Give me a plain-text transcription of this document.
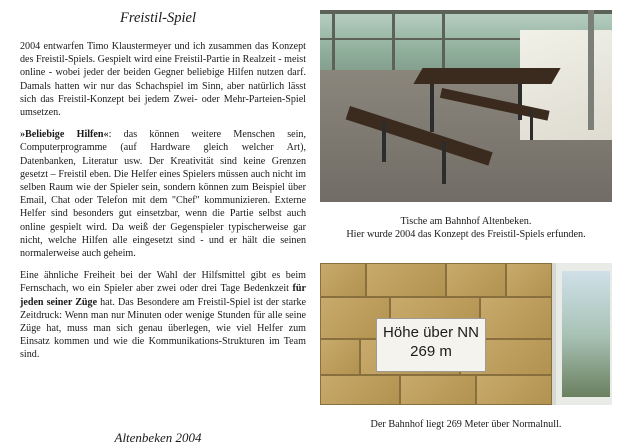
Freistil-Spiel

2004 entwarfen Timo Klaustermeyer und ich zusammen das Konzept des Freistil-Spiels. Gespielt wird eine Freistil-Partie in Realzeit - meist online - wobei jeder der beiden Gegner beliebige Hilfen nutzen darf. Damals hatten wir nur das Schachspiel im Sinn, aber natürlich lässt sich das Freistil-Konzept bei jedem Zwei- oder Mehr-Parteien-Spiel umsetzen.

»Beliebige Hilfen«: das können weitere Menschen sein, Computerprogramme (auf Hardware gleich welcher Art), Datenbanken, Literatur usw. Der Kreativität sind keine Grenzen gesetzt – Freistil eben. Die Helfer eines Spielers müssen auch nicht im selben Raum wie der Spieler sein, sondern können zum Beispiel über Email, Chat oder Telefon mit dem "Chef" kommunizieren. Externe Helfer sind besonders gut einsetzbar, wenn die Partie selbst auch online gespielt wird. Da weiß der Gegenspieler typischerweise gar nicht, welche Hilfen alle eingesetzt sind - und er hält die seinen normalerweise auch geheim.

Eine ähnliche Freiheit bei der Wahl der Hilfsmittel gibt es beim Fernschach, wo ein Spieler aber zwei oder drei Tage Bedenkzeit für jeden seiner Züge hat. Das Besondere am Freistil-Spiel ist der starke Zeitdruck: Wenn man nur Minuten oder wenige Stunden für alle seine Züge hat, muss man sich genau überlegen, wie viel Helfer zum Einsatz kommen und wie die Kommunikations-Strukturen im Team sind.

Altenbeken 2004
Tische am Bahnhof Altenbeken.
Hier wurde 2004 das Konzept des Freistil-Spiels erfunden.
Höhe über NN
269 m
Der Bahnhof liegt 269 Meter über Normalnull.
